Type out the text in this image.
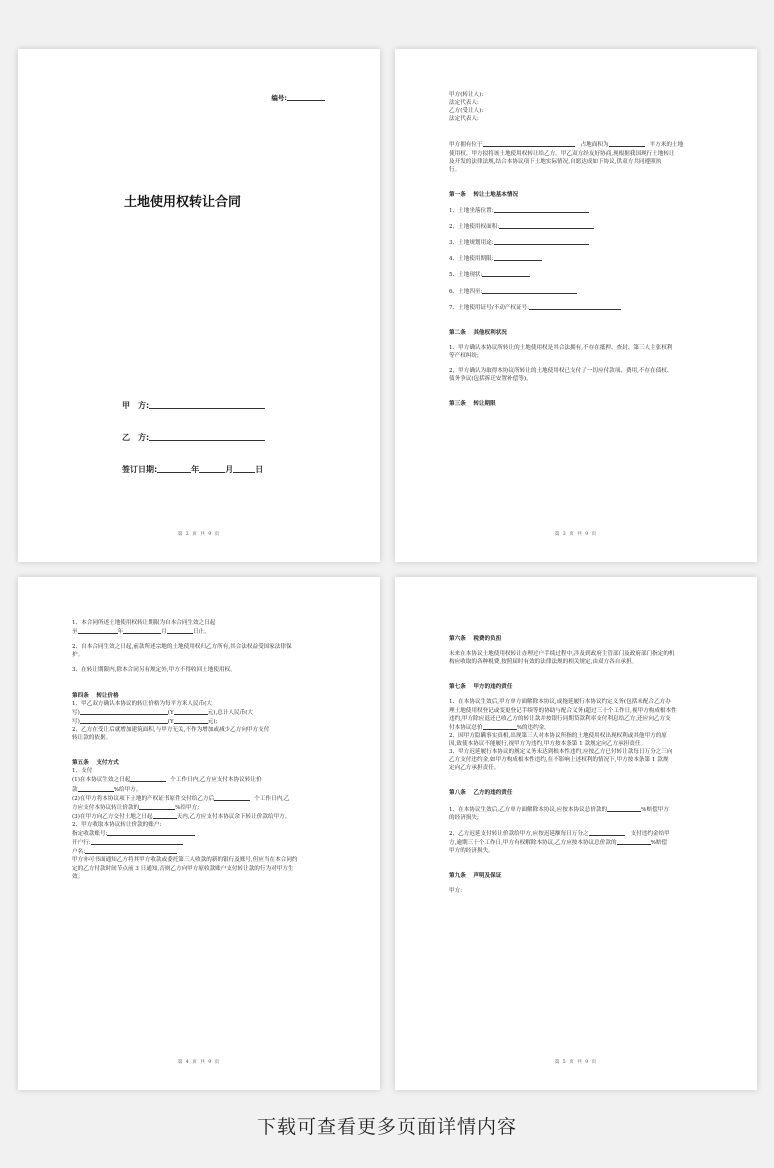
编号:
土地使用权转让合同
甲　方:
乙　方:
签订日期:	年	月	日
第 2 页 共 9 页

甲方(转让人):

法定代表人:

乙方(受让人):

法定代表人:

甲方拥有位于	占地面积为	平方米的土地

使用权。甲方拟将该土地使用权转让给乙方。甲乙双方经友好协商,现根据我国现行土地转让

及开发的法律法规,结合本协议项下土地实际情况,自愿达成如下协议,供双方共同遵照执

行。

第一条　 转让土地基本情况

1、土地坐落位置:

2、土地使用权面积:

3、土地规划用途:

4、土地使用期限:

5、土地现状:

6、土地四至:

7、土地使用证号/不动产权证号:

第二条　 其他权利状况

1、甲方确认本协议所转让的土地使用权是其合法拥有,不存在抵押、查封、第三人主张权利

等产权纠纷;

2、甲方确认为取得本协议所转让的土地使用权已支付了一切应付款项、费用,不存在债权、

债务争议(包括拆迁安置补偿等)。

第三条　 转让期限

第 3 页 共 9 页

1、本合同所述土地使用权转让期限为自本合同生效之日起

至	年	月	日止。

2、自本合同生效之日起,前款所述宗地的土地使用权归乙方所有,其合法权益受国家法律保

护。

3、在转让期限内,除本合同另有规定外,甲方不得收回土地使用权。

第四条　 转让价格

1、甲乙双方确认本协议的转让价格为每平方米人民币(大

写)	(Y	元),总计人民币(大

写)	(Y	元);

2、乙方在受让后就增加建筑面积,与甲方无关,不作为增加或减少乙方向甲方支付

转让款的依据。

第五条　 支付方式

1、支付

(1)在本协议生效之日起	个工作日内,乙方应支付本协议转让价

款	%给甲方。

(2)在甲方将本协议项下土地的产权证书原件交付给乙方后	个工作日内,乙

方应支付本协议转让价款的	%给甲方;

(3)在甲方向乙方交付土地之日起	天内,乙方应支付本协议余下转让价款给甲方。

2、甲方收取本协议转让价款的账户:

指定收款账号:

开户行:

户名:

甲方亦可书面通知乙方将其甲方收款或委托第三人收款的新的银行及账号,但应当在本合同约

定的乙方付款时间节点前 3 日通知,否则乙方向甲方原收款账户支付转让款的行为对甲方生

效。

第 4 页 共 9 页

第六条　 税费的负担

未来在本协议土地使用权转让办理过户手续过程中,涉及到政府主管部门及政府部门指定的机

构应收取的各种税费,按照届时有效的法律法规的相关规定,由双方各自承担。

第七条　 甲方的违约责任

1、在本协议生效后,甲方单方面解除本协议,或拖延履行本协议约定义务(包括未配合乙方办

理土地使用权登记或变更登记手续等的协助与配合义务)超过三十个工作日,视甲方构成根本性

违约,甲方除应退还已收乙方的转让款并按银行同期贷款利率支付利息给乙方,还应向乙方支

付本协议总价	%的违约金。

2、因甲方隐瞒事实真相,出现第三人对本协议所指的土地使用权出现权利或其他甲方的原

因,致使本协议不能履行,视甲方为违约,甲方按本条第 1 款规定向乙方承担责任。

3、甲方迟延履行本协议的规定义务未达到根本性违约,应按乙方已付转让款每日万分之三向

乙方支付违约金,如甲方构成根本性违约,在不影响上述权利的情况下,甲方按本条第 1 款规

定向乙方承担责任。

第八条　 乙方的违约责任

1、在本协议生效后,乙方单方面解除本协议,应按本协议总价款的	%赔偿甲方

的经济损失;

2、乙方迟延支付转让价款给甲方,应按迟延额每日万分之	支付违约金给甲

方,逾期三十个工作日,甲方有权解除本协议,乙方应按本协议总价款的	%赔偿

甲方的经济损失。

第九条　 声明及保证

甲方:

第 5 页 共 9 页
下载可查看更多页面详情内容
